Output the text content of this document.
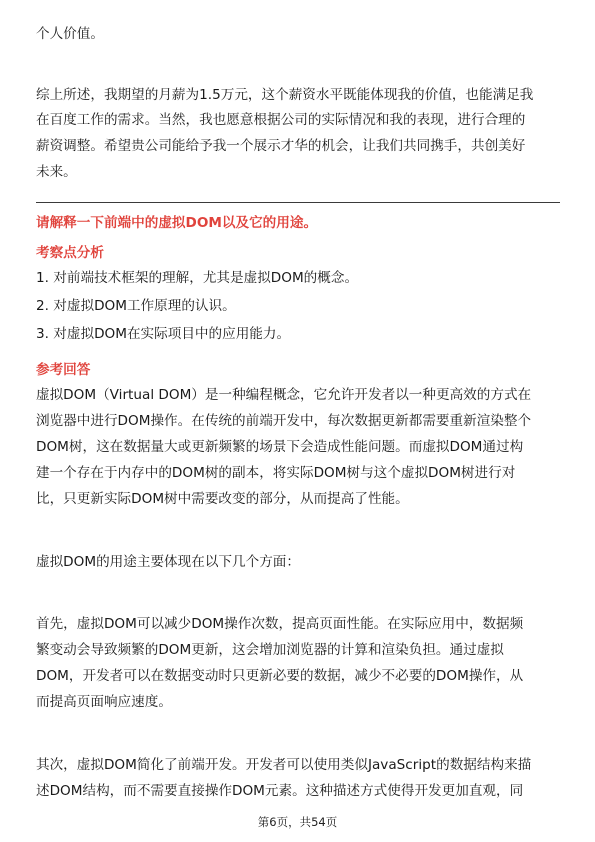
个人价值。
综上所述，我期望的月薪为1.5万元，这个薪资水平既能体现我的价值，也能满足我
在百度工作的需求。当然，我也愿意根据公司的实际情况和我的表现，进行合理的
薪资调整。希望贵公司能给予我一个展示才华的机会，让我们共同携手，共创美好
未来。
请解释一下前端中的虚拟DOM以及它的用途。
考察点分析
1. 对前端技术框架的理解，尤其是虚拟DOM的概念。
2. 对虚拟DOM工作原理的认识。
3. 对虚拟DOM在实际项目中的应用能力。
参考回答
虚拟DOM（Virtual DOM）是一种编程概念，它允许开发者以一种更高效的方式在
浏览器中进行DOM操作。在传统的前端开发中，每次数据更新都需要重新渲染整个
DOM树，这在数据量大或更新频繁的场景下会造成性能问题。而虚拟DOM通过构
建一个存在于内存中的DOM树的副本，将实际DOM树与这个虚拟DOM树进行对
比，只更新实际DOM树中需要改变的部分，从而提高了性能。
虚拟DOM的用途主要体现在以下几个方面：
首先，虚拟DOM可以减少DOM操作次数，提高页面性能。在实际应用中，数据频
繁变动会导致频繁的DOM更新，这会增加浏览器的计算和渲染负担。通过虚拟
DOM，开发者可以在数据变动时只更新必要的数据，减少不必要的DOM操作，从
而提高页面响应速度。
其次，虚拟DOM简化了前端开发。开发者可以使用类似JavaScript的数据结构来描
述DOM结构，而不需要直接操作DOM元素。这种描述方式使得开发更加直观，同
第6页，共54页
